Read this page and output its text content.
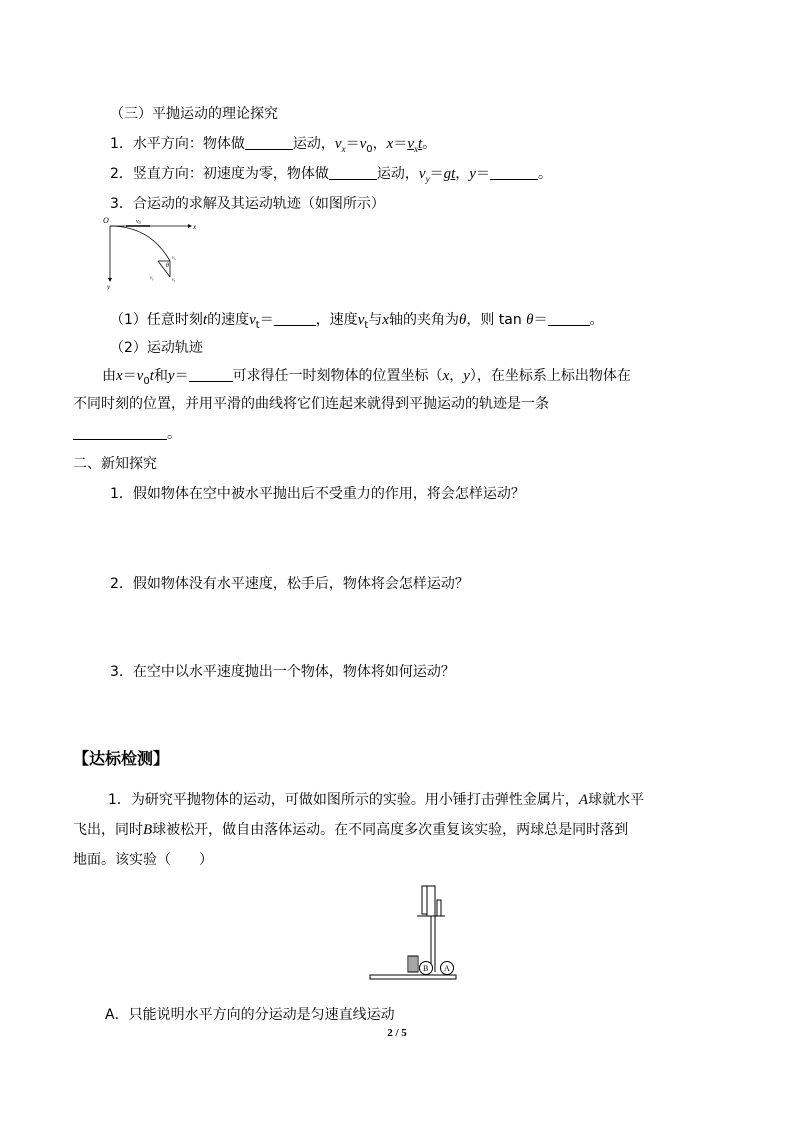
（三）平抛运动的理论探究
1．水平方向：物体做	运动，$v_x=v_0$，$x=v_xt$。
2．竖直方向：初速度为零，物体做	运动，$v_y=gt$，y＝	。
3．合运动的求解及其运动轨迹（如图所示）
O
x
y
v0
$v_x$
$v_y$	$v_t$
θ
（1）任意时刻t的速度$v_t=$	，速度$v_t$与x轴的夹角为θ，则 tan θ＝	。
（2）运动轨迹
由$x=v_0t$和y＝	可求得任一时刻物体的位置坐标（x，y），在坐标系上标出物体在
不同时刻的位置，并用平滑的曲线将它们连起来就得到平抛运动的轨迹是一条
。
二、新知探究
1．假如物体在空中被水平抛出后不受重力的作用，将会怎样运动？
2．假如物体没有水平速度，松手后，物体将会怎样运动？
3．在空中以水平速度抛出一个物体，物体将如何运动？
【达标检测】
1．为研究平抛物体的运动，可做如图所示的实验。用小锤打击弹性金属片，A球就水平
飞出，同时B球被松开，做自由落体运动。在不同高度多次重复该实验，两球总是同时落到
地面。该实验（　　）
B A
A．只能说明水平方向的分运动是匀速直线运动
2 / 5
